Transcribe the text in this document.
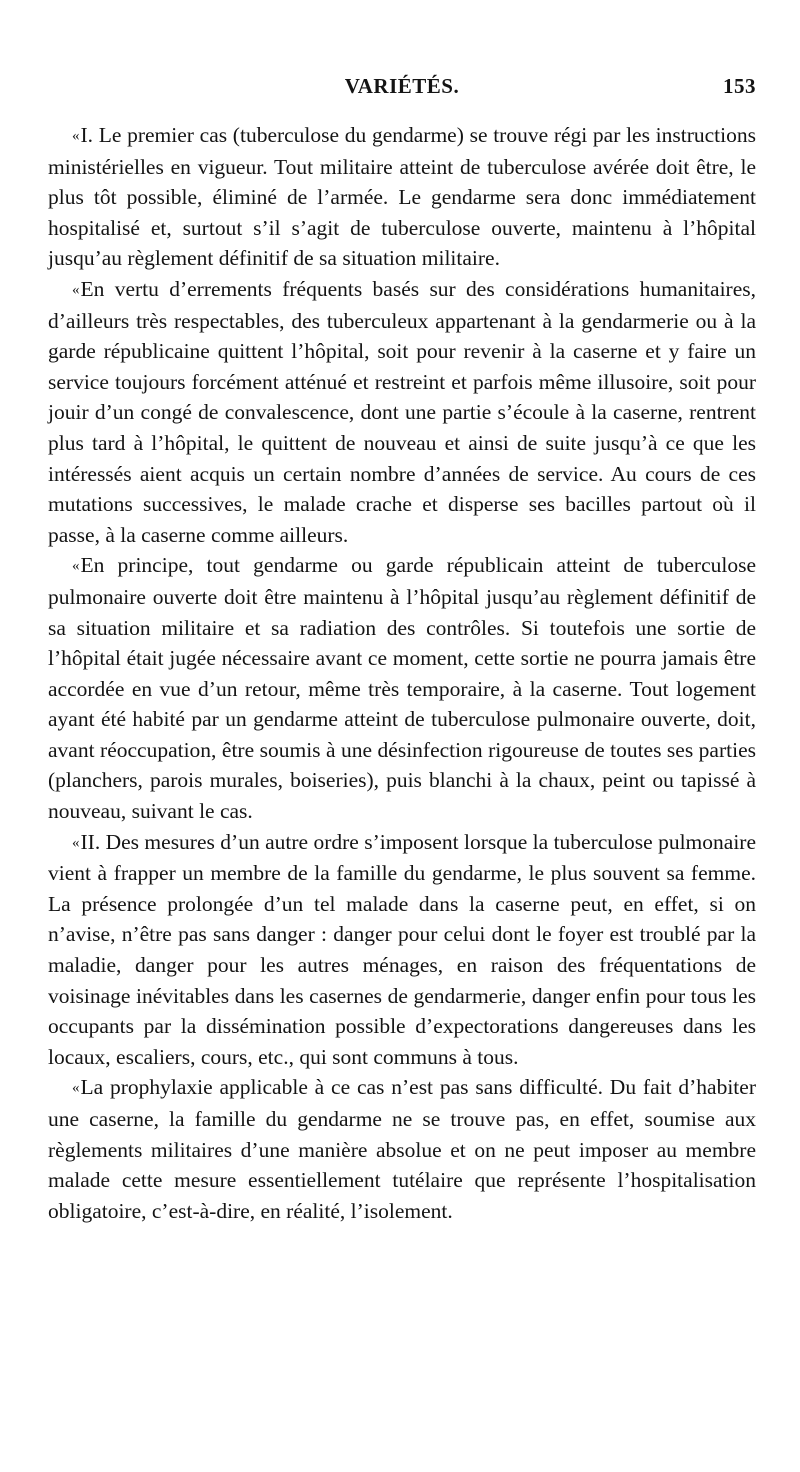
VARIÉTÉS.	153

«I. Le premier cas (tuberculose du gendarme) se trouve régi par les instructions ministérielles en vigueur. Tout militaire atteint de tuberculose avérée doit être, le plus tôt possible, éliminé de l’armée. Le gendarme sera donc immédiatement hospitalisé et, surtout s’il s’agit de tuberculose ouverte, maintenu à l’hôpital jusqu’au règlement définitif de sa situation militaire.

«En vertu d’errements fréquents basés sur des considérations humanitaires, d’ailleurs très respectables, des tuberculeux appartenant à la gendarmerie ou à la garde républicaine quittent l’hôpital, soit pour revenir à la caserne et y faire un service toujours forcément atténué et restreint et parfois même illusoire, soit pour jouir d’un congé de convalescence, dont une partie s’écoule à la caserne, rentrent plus tard à l’hôpital, le quittent de nouveau et ainsi de suite jusqu’à ce que les intéressés aient acquis un certain nombre d’années de service. Au cours de ces mutations successives, le malade crache et disperse ses bacilles partout où il passe, à la caserne comme ailleurs.

«En principe, tout gendarme ou garde républicain atteint de tuberculose pulmonaire ouverte doit être maintenu à l’hôpital jusqu’au règlement définitif de sa situation militaire et sa radiation des contrôles. Si toutefois une sortie de l’hôpital était jugée nécessaire avant ce moment, cette sortie ne pourra jamais être accordée en vue d’un retour, même très temporaire, à la caserne. Tout logement ayant été habité par un gendarme atteint de tuberculose pulmonaire ouverte, doit, avant réoccupation, être soumis à une désinfection rigoureuse de toutes ses parties (planchers, parois murales, boiseries), puis blanchi à la chaux, peint ou tapissé à nouveau, suivant le cas.

«II. Des mesures d’un autre ordre s’imposent lorsque la tuberculose pulmonaire vient à frapper un membre de la famille du gendarme, le plus souvent sa femme. La présence prolongée d’un tel malade dans la caserne peut, en effet, si on n’avise, n’être pas sans danger : danger pour celui dont le foyer est troublé par la maladie, danger pour les autres ménages, en raison des fréquentations de voisinage inévitables dans les casernes de gendarmerie, danger enfin pour tous les occupants par la dissémination possible d’expectorations dangereuses dans les locaux, escaliers, cours, etc., qui sont communs à tous.

«La prophylaxie applicable à ce cas n’est pas sans difficulté. Du fait d’habiter une caserne, la famille du gendarme ne se trouve pas, en effet, soumise aux règlements militaires d’une manière absolue et on ne peut imposer au membre malade cette mesure essentiellement tutélaire que représente l’hospitalisation obligatoire, c’est-à-dire, en réalité, l’isolement.
